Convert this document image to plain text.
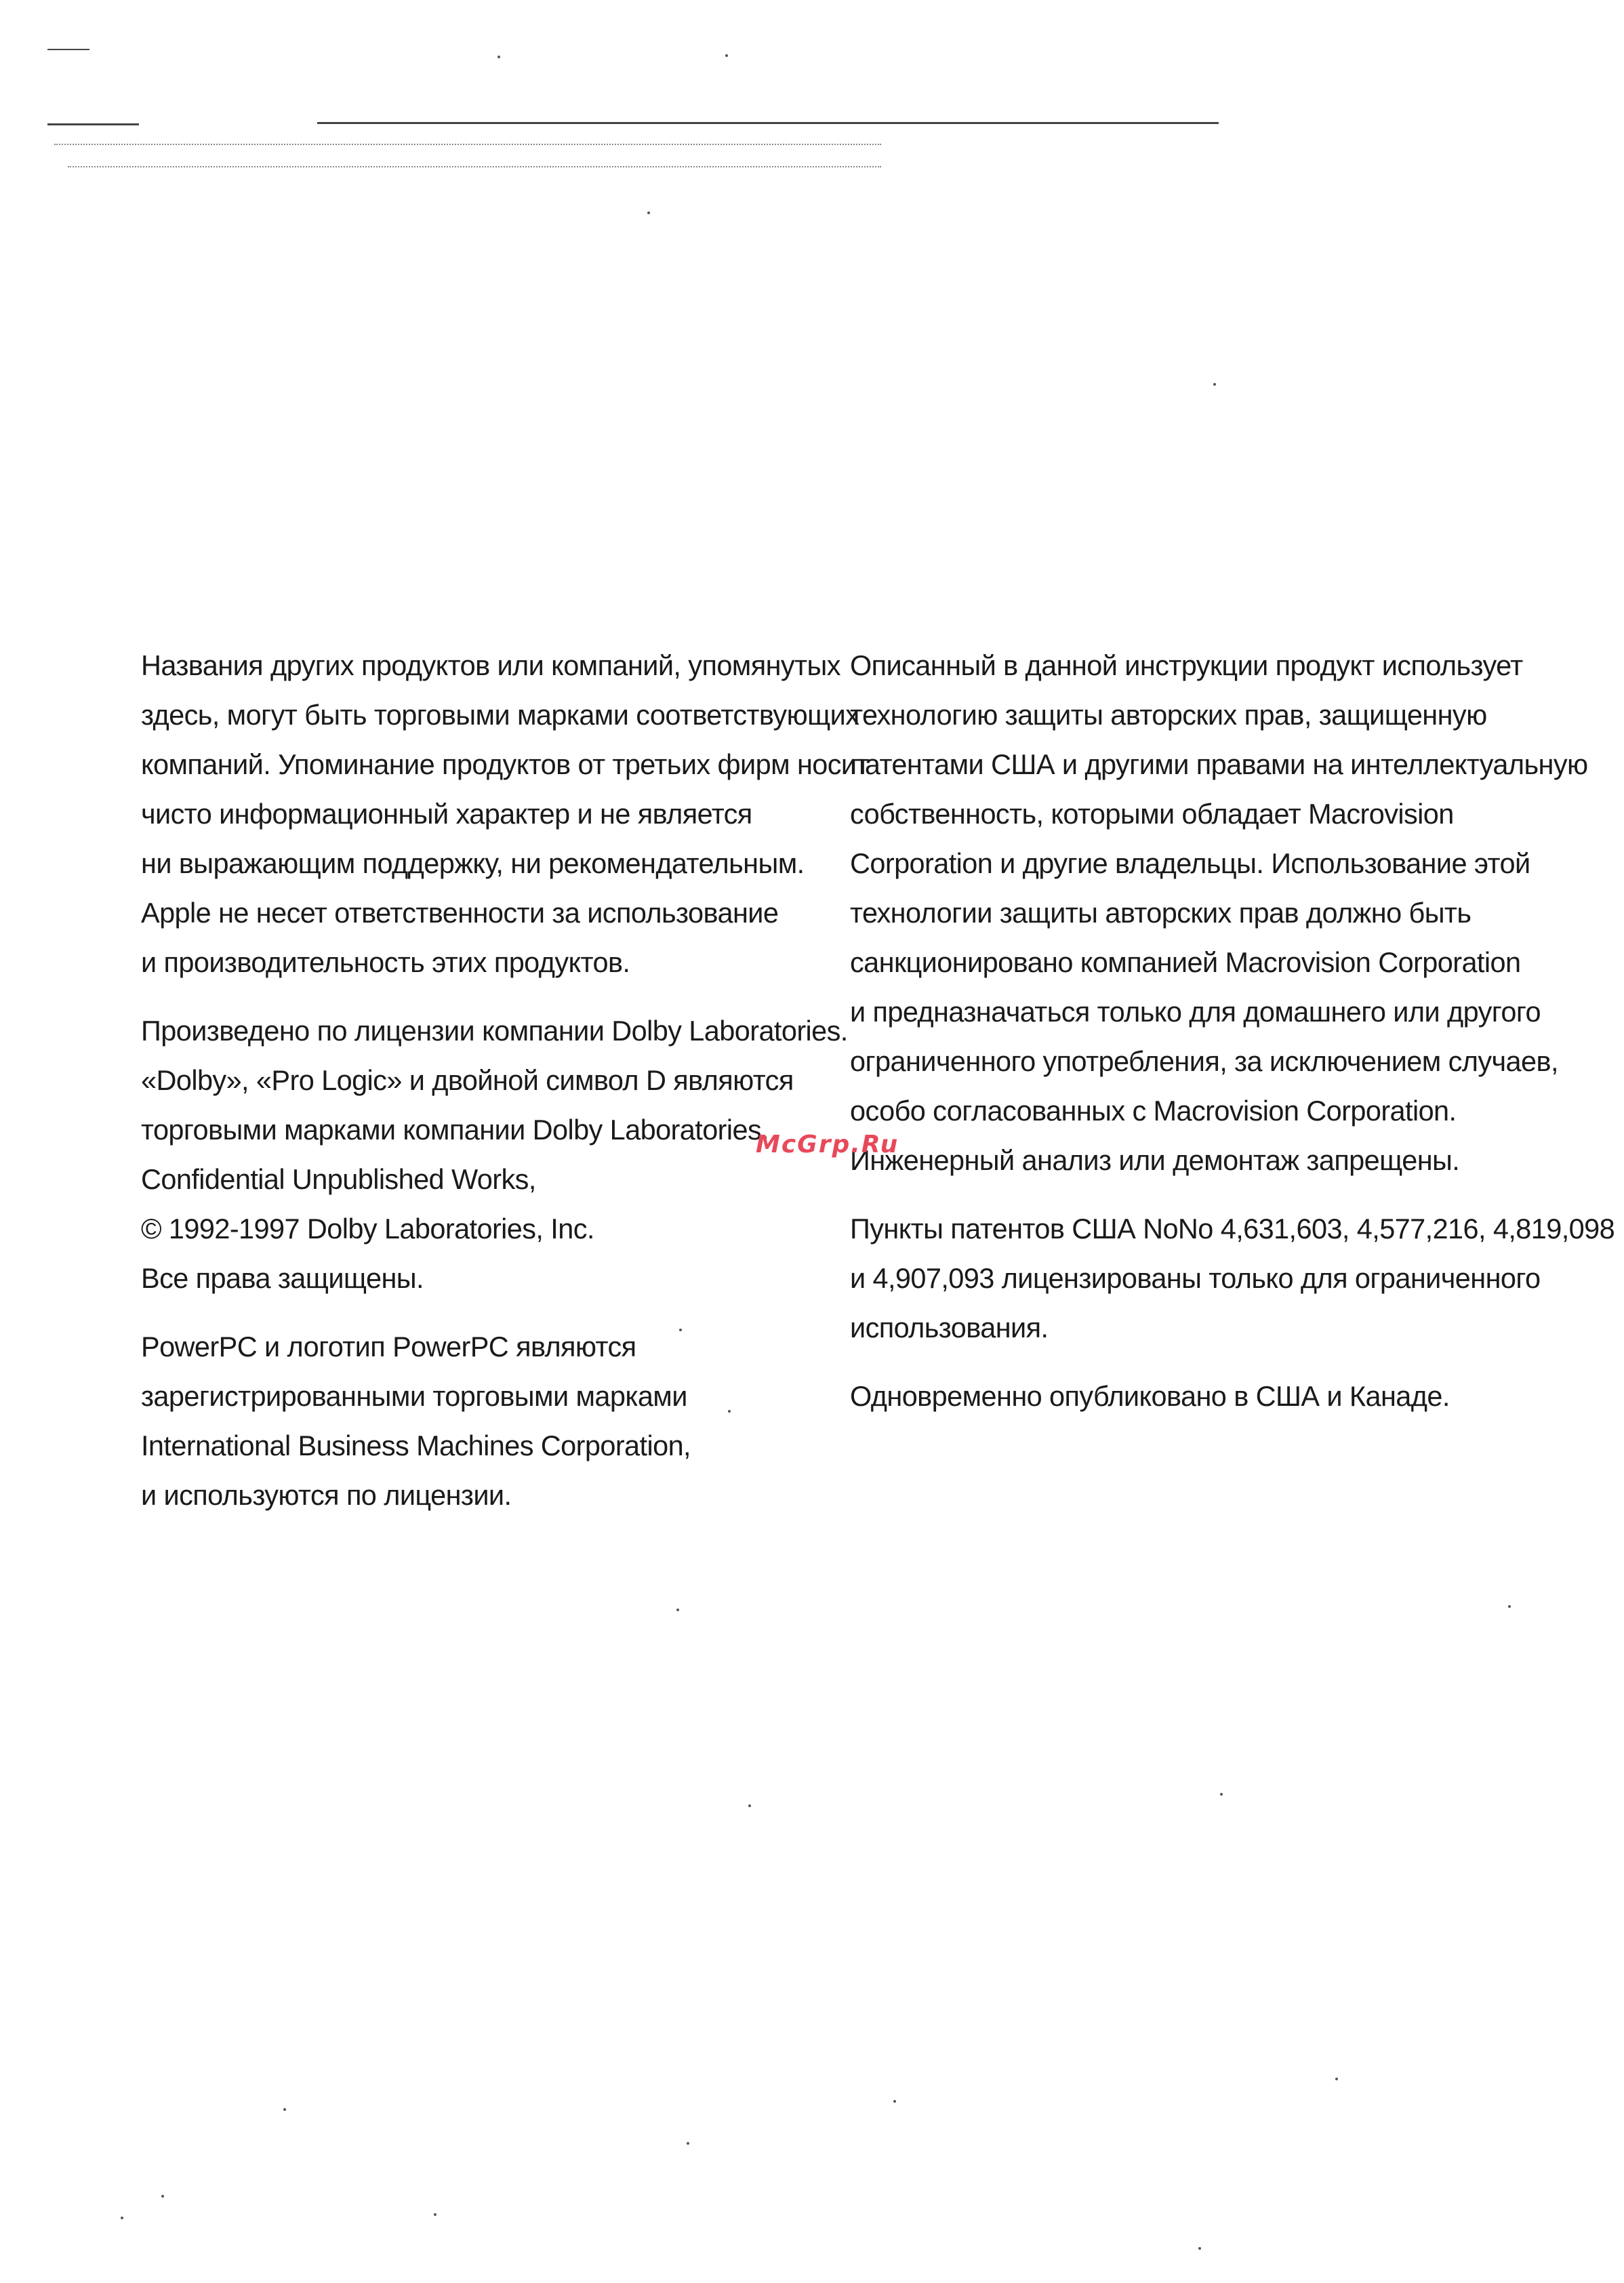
Названия других продуктов или компаний, упомянутых
здесь, могут быть торговыми марками соответствующих
компаний. Упоминание продуктов от третьих фирм носит
чисто информационный характер и не является
ни выражающим поддержку, ни рекомендательным.
Apple не несет ответственности за использование
и производительность этих продуктов.
Произведено по лицензии компании Dolby Laboratories.
«Dolby», «Pro Logic» и двойной символ D являются
торговыми марками компании Dolby Laboratories.
Confidential Unpublished Works,
© 1992-1997 Dolby Laboratories, Inc.
Все права защищены.
PowerPC и логотип PowerPC являются
зарегистрированными торговыми марками
International Business Machines Corporation,
и используются по лицензии.
Описанный в данной инструкции продукт использует
технологию защиты авторских прав, защищенную
патентами США и другими правами на интеллектуальную
собственность, которыми обладает Macrovision
Corporation и другие владельцы. Использование этой
технологии защиты авторских прав должно быть
санкционировано компанией Macrovision Corporation
и предназначаться только для домашнего или другого
ограниченного употребления, за исключением случаев,
особо согласованных с Macrovision Corporation.
Инженерный анализ или демонтаж запрещены.
Пункты патентов США NoNo 4,631,603, 4,577,216, 4,819,098
и 4,907,093 лицензированы только для ограниченного
использования.
Одновременно опубликовано в США и Канаде.
McGrp.Ru
